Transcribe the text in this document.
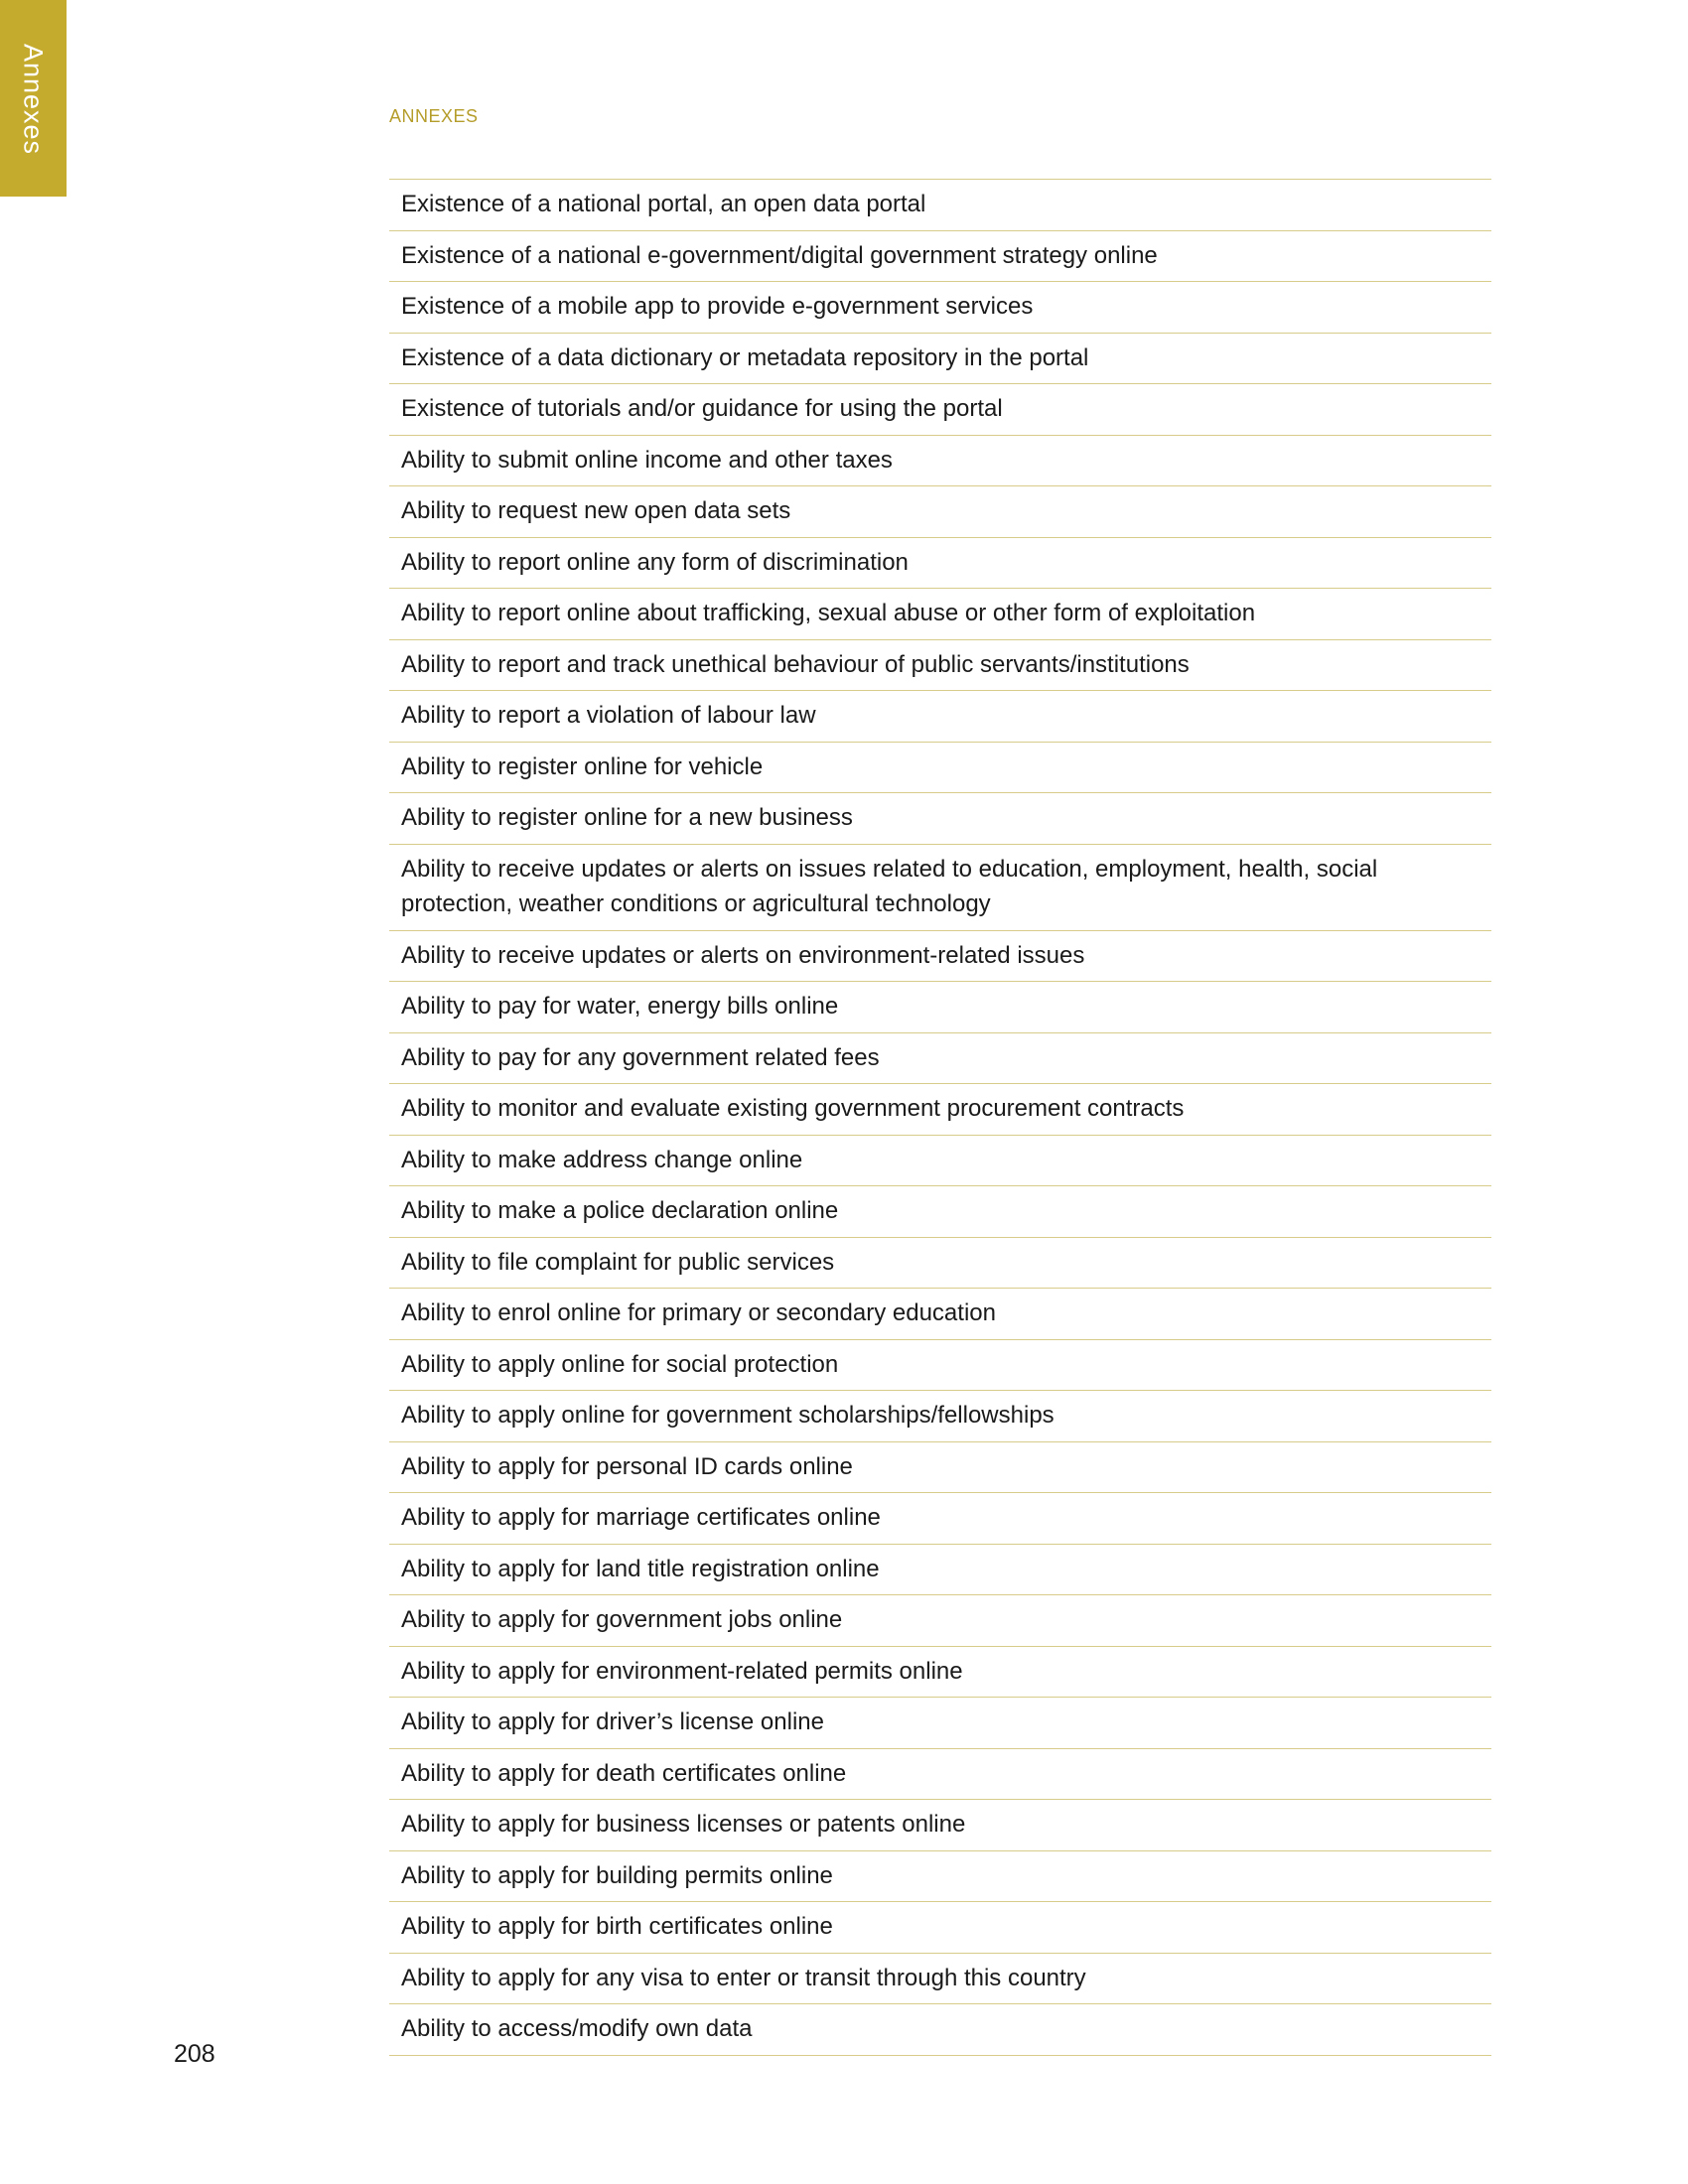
Annexes	ANNEXES
Existence of a national portal, an open data portal
Existence of a national e-government/digital government strategy online
Existence of a mobile app to provide e-government services
Existence of a data dictionary or metadata repository in the portal
Existence of tutorials and/or guidance for using the portal
Ability to submit online income and other taxes
Ability to request new open data sets
Ability to report online any form of discrimination
Ability to report online about trafficking, sexual abuse or other form of exploitation
Ability to report and track unethical behaviour of public servants/institutions
Ability to report a violation of labour law
Ability to register online for vehicle
Ability to register online for a new business
Ability to receive updates or alerts on issues related to education, employment, health, social protection, weather conditions or agricultural technology
Ability to receive updates or alerts on environment-related issues
Ability to pay for water, energy bills online
Ability to pay for any government related fees
Ability to monitor and evaluate existing government procurement contracts
Ability to make address change online
Ability to make a police declaration online
Ability to file complaint for public services
Ability to enrol online for primary or secondary education
Ability to apply online for social protection
Ability to apply online for government scholarships/fellowships
Ability to apply for personal ID cards online
Ability to apply for marriage certificates online
Ability to apply for land title registration online
Ability to apply for government jobs online
Ability to apply for environment-related permits online
Ability to apply for driver’s license online
Ability to apply for death certificates online
Ability to apply for business licenses or patents online
Ability to apply for building permits online
Ability to apply for birth certificates online
Ability to apply for any visa to enter or transit through this country
Ability to access/modify own data
208
